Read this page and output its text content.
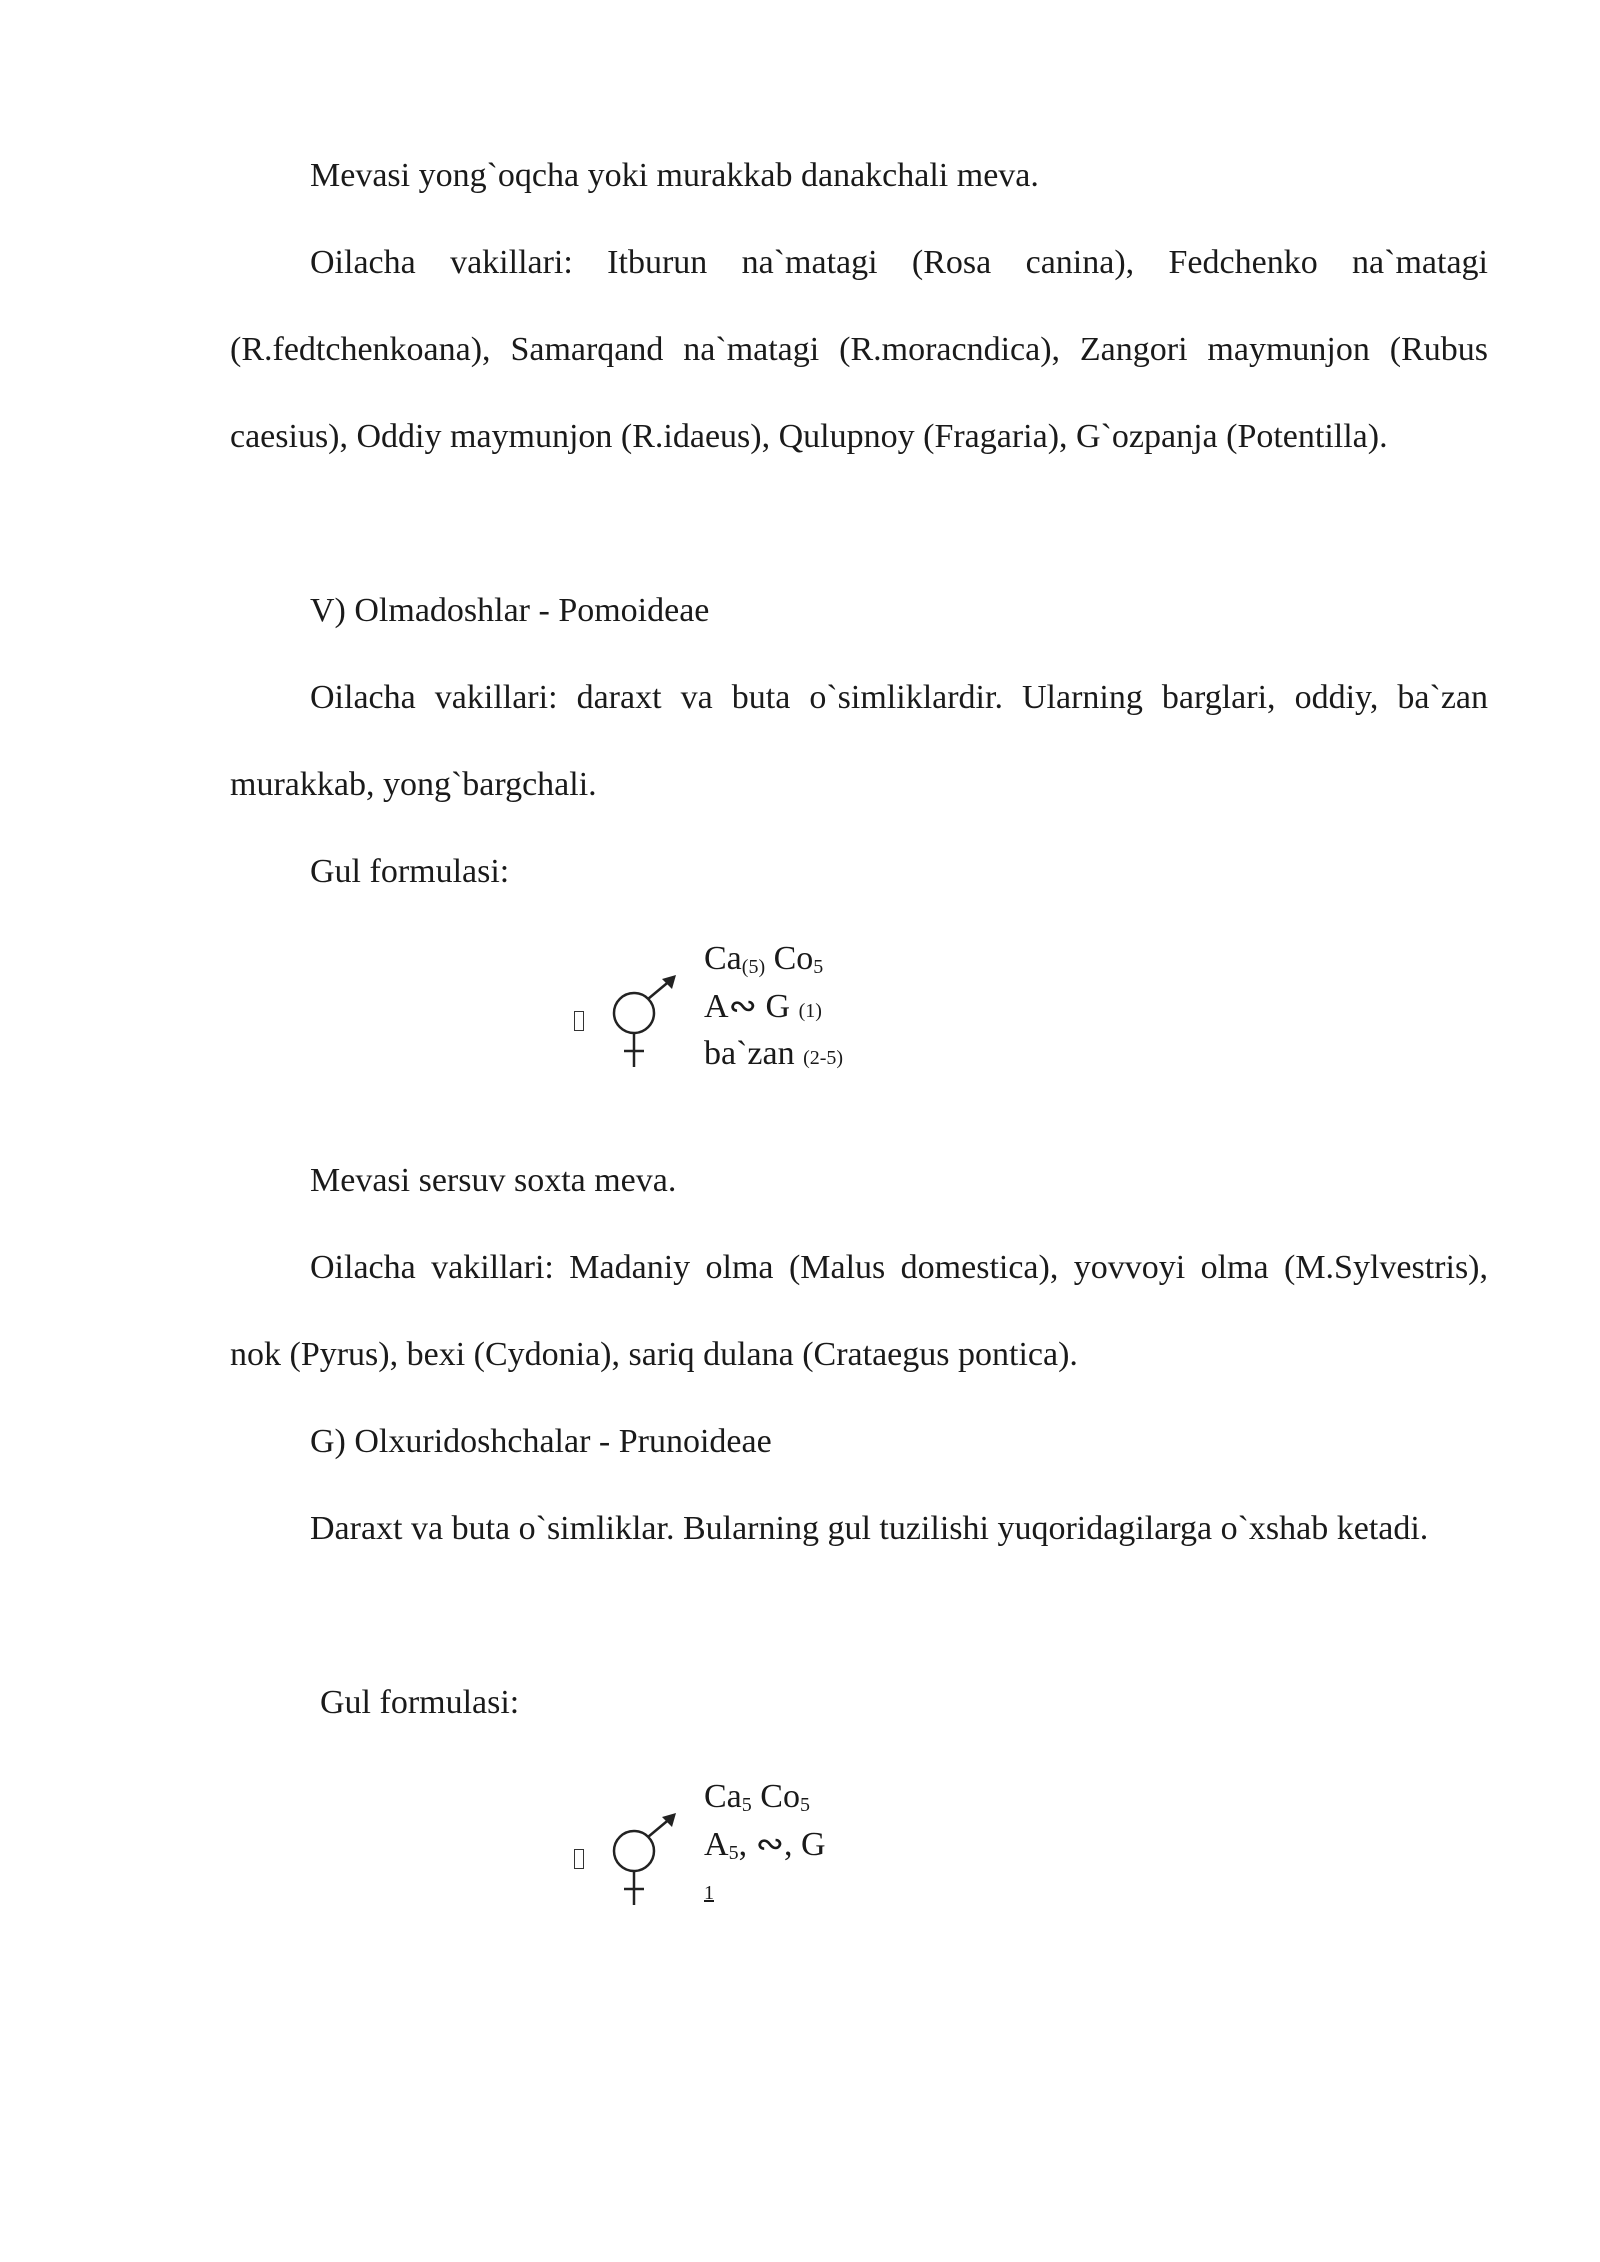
Mevasi yong`oqcha yoki murakkab danakchali meva.

Oilacha vakillari: Itburun na`matagi (Rosa canina), Fedchenko na`matagi (R.fedtchenkoana), Samarqand na`matagi (R.moracndica), Zangori maymunjon (Rubus caesius), Oddiy maymunjon (R.idaeus), Qulupnoy (Fragaria), G`ozpanja (Potentilla).

V) Olmadoshlar - Pomoideae

Oilacha vakillari: daraxt va buta o`simliklardir. Ularning barglari, oddiy, ba`zan murakkab, yong`bargchali.

Gul formulasi:

$Ca_{(5)}$ $Co_5$
A∾ G (1)
ba`zan (2-5)

Mevasi sersuv soxta meva.

Oilacha vakillari: Madaniy olma (Malus domestica), yovvoyi olma (M.Sylvestris), nok (Pyrus), bexi (Cydonia), sariq dulana (Crataegus pontica).

G) Olxuridoshchalar - Prunoideae

Daraxt va buta o`simliklar. Bularning gul tuzilishi yuqoridagilarga o`xshab ketadi.

Gul formulasi:

$Ca_5$ $Co_5$
$A_5$, ∾, G
1
